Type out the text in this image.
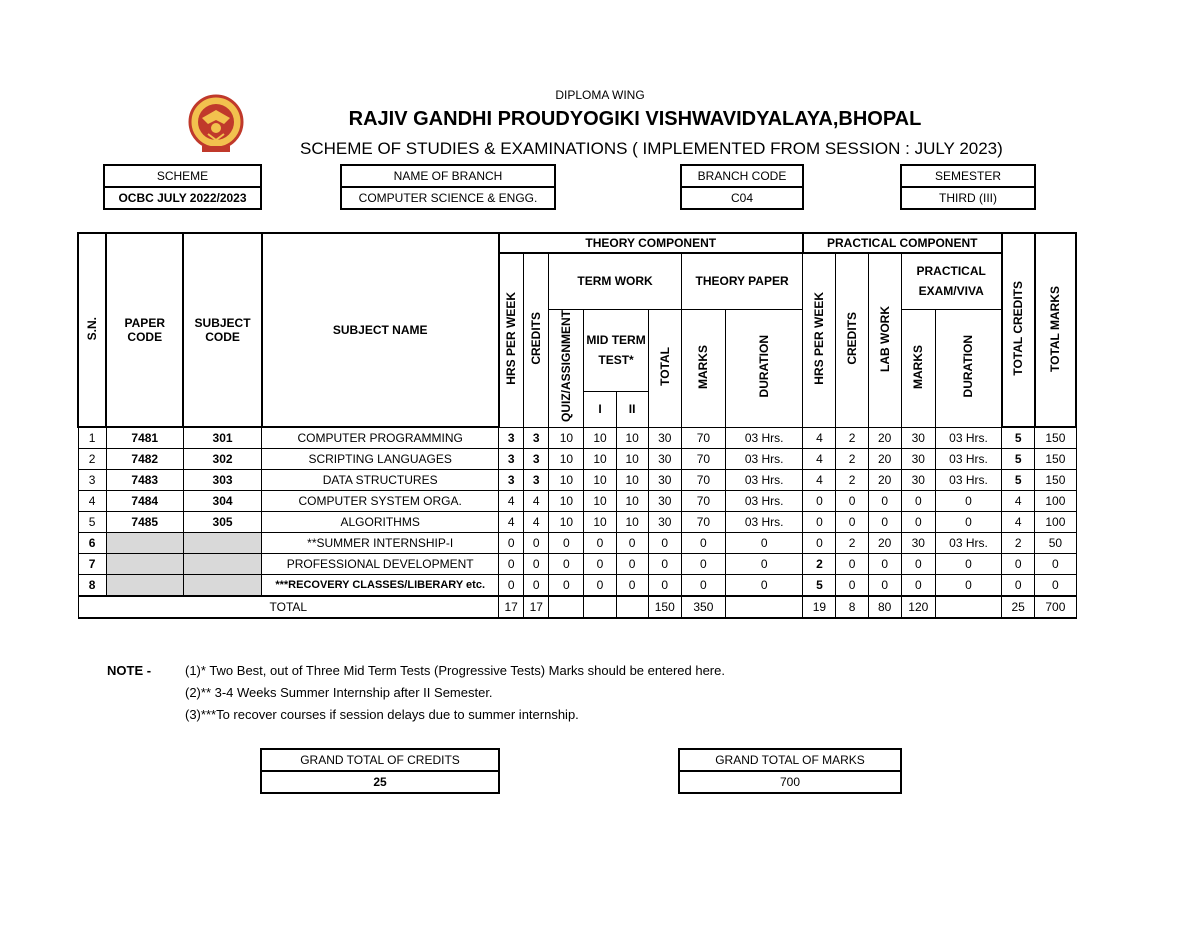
DIPLOMA WING
RAJIV GANDHI PROUDYOGIKI VISHWAVIDYALAYA,BHOPAL
SCHEME OF STUDIES & EXAMINATIONS ( IMPLEMENTED FROM SESSION : JULY 2023)
SCHEME
OCBC JULY 2022/2023
NAME OF BRANCH
COMPUTER SCIENCE & ENGG.
BRANCH CODE
C04
SEMESTER
THIRD (III)
S.N.	PAPER CODE	SUBJECT CODE	SUBJECT NAME	THEORY COMPONENT								PRACTICAL COMPONENT					TOTAL CREDITS	TOTAL MARKS
				HRS PER WEEK	CREDITS	TERM WORK				THEORY PAPER		HRS PER WEEK	CREDITS	LAB WORK	PRACTICAL EXAM/VIVA			
						QUIZ/ASSIGNMENT	MID TERM TEST*		TOTAL	MARKS	DURATION				MARKS	DURATION		

							I	II										
1	7481	301	COMPUTER PROGRAMMING	3	3	10	10	10	30	70	03 Hrs.	4	2	20	30	03 Hrs.	5	150
2	7482	302	SCRIPTING LANGUAGES	3	3	10	10	10	30	70	03 Hrs.	4	2	20	30	03 Hrs.	5	150
3	7483	303	DATA STRUCTURES	3	3	10	10	10	30	70	03 Hrs.	4	2	20	30	03 Hrs.	5	150
4	7484	304	COMPUTER SYSTEM ORGA.	4	4	10	10	10	30	70	03 Hrs.	0	0	0	0	0	4	100
5	7485	305	ALGORITHMS	4	4	10	10	10	30	70	03 Hrs.	0	0	0	0	0	4	100
6			**SUMMER INTERNSHIP-I	0	0	0	0	0	0	0	0	0	2	20	30	03 Hrs.	2	50
7			PROFESSIONAL DEVELOPMENT	0	0	0	0	0	0	0	0	2	0	0	0	0	0	0
8			***RECOVERY CLASSES/LIBERARY etc.	0	0	0	0	0	0	0	0	5	0	0	0	0	0	0
TOTAL				17	17				150	350		19	8	80	120		25	700
NOTE -	(1)* Two Best, out of Three Mid Term Tests (Progressive Tests) Marks should be entered here.
(2)** 3-4 Weeks Summer Internship after II Semester.
(3)***To recover courses if session delays due to summer internship.
GRAND TOTAL OF CREDITS
25
GRAND TOTAL OF MARKS
700
